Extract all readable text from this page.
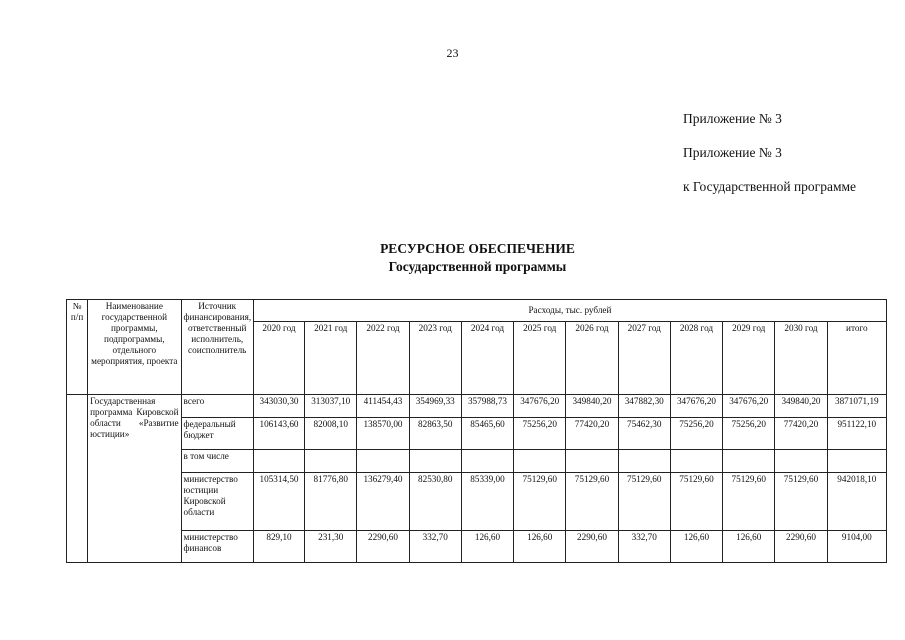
23
Приложение № 3
Приложение № 3
к Государственной программе
РЕСУРСНОЕ ОБЕСПЕЧЕНИЕ
Государственной программы
№ п/п	Наименование государственной программы, подпрограммы, отдельного мероприятия, проекта	Источник финансирования, ответственный исполнитель, соисполнитель	Расходы, тыс. рублей											
			2020 год	2021 год	2022 год	2023 год	2024 год	2025 год	2026 год	2027 год	2028 год	2029 год	2030 год	итого
	Государственная программа Кировской области «Развитие юстиции»	всего	343030,30	313037,10	411454,43	354969,33	357988,73	347676,20	349840,20	347882,30	347676,20	347676,20	349840,20	3871071,19
		федеральный бюджет	106143,60	82008,10	138570,00	82863,50	85465,60	75256,20	77420,20	75462,30	75256,20	75256,20	77420,20	951122,10
		в том числе												
		министерство юстиции Кировской области	105314,50	81776,80	136279,40	82530,80	85339,00	75129,60	75129,60	75129,60	75129,60	75129,60	75129,60	942018,10
		министерство финансов	829,10	231,30	2290,60	332,70	126,60	126,60	2290,60	332,70	126,60	126,60	2290,60	9104,00
